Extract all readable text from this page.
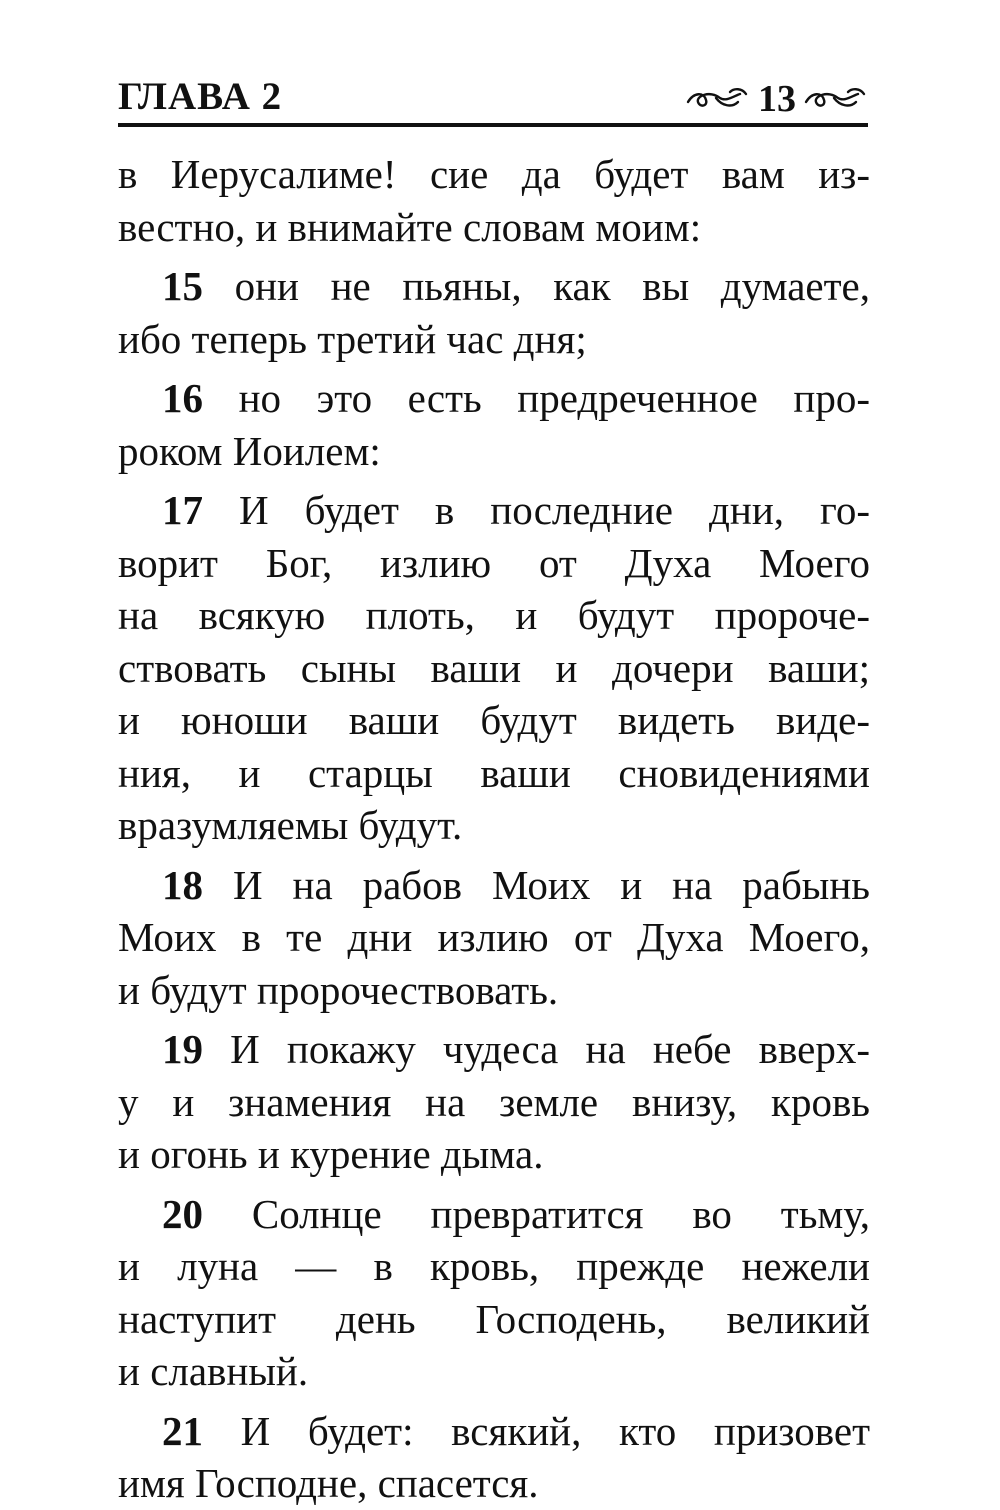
ГЛАВА 2	13
в Иерусалиме! сие да будет вам из-
вестно, и внимайте словам моим:
15 они не пьяны, как вы думаете,
ибо теперь третий час дня;
16 но это есть предреченное про-
роком Иоилем:
17 И будет в последние дни, го-
ворит Бог, излию от Духа Моего
на всякую плоть, и будут пророче-
ствовать сыны ваши и дочери ваши;
и юноши ваши будут видеть виде-
ния, и старцы ваши сновидениями
вразумляемы будут.
18 И на рабов Моих и на рабынь
Моих в те дни излию от Духа Моего,
и будут пророчествовать.
19 И покажу чудеса на небе вверх-
у и знамения на земле внизу, кровь
и огонь и курение дыма.
20 Солнце превратится во тьму,
и луна — в кровь, прежде нежели
наступит день Господень, великий
и славный.
21 И будет: всякий, кто призовет
имя Господне, спасется.
